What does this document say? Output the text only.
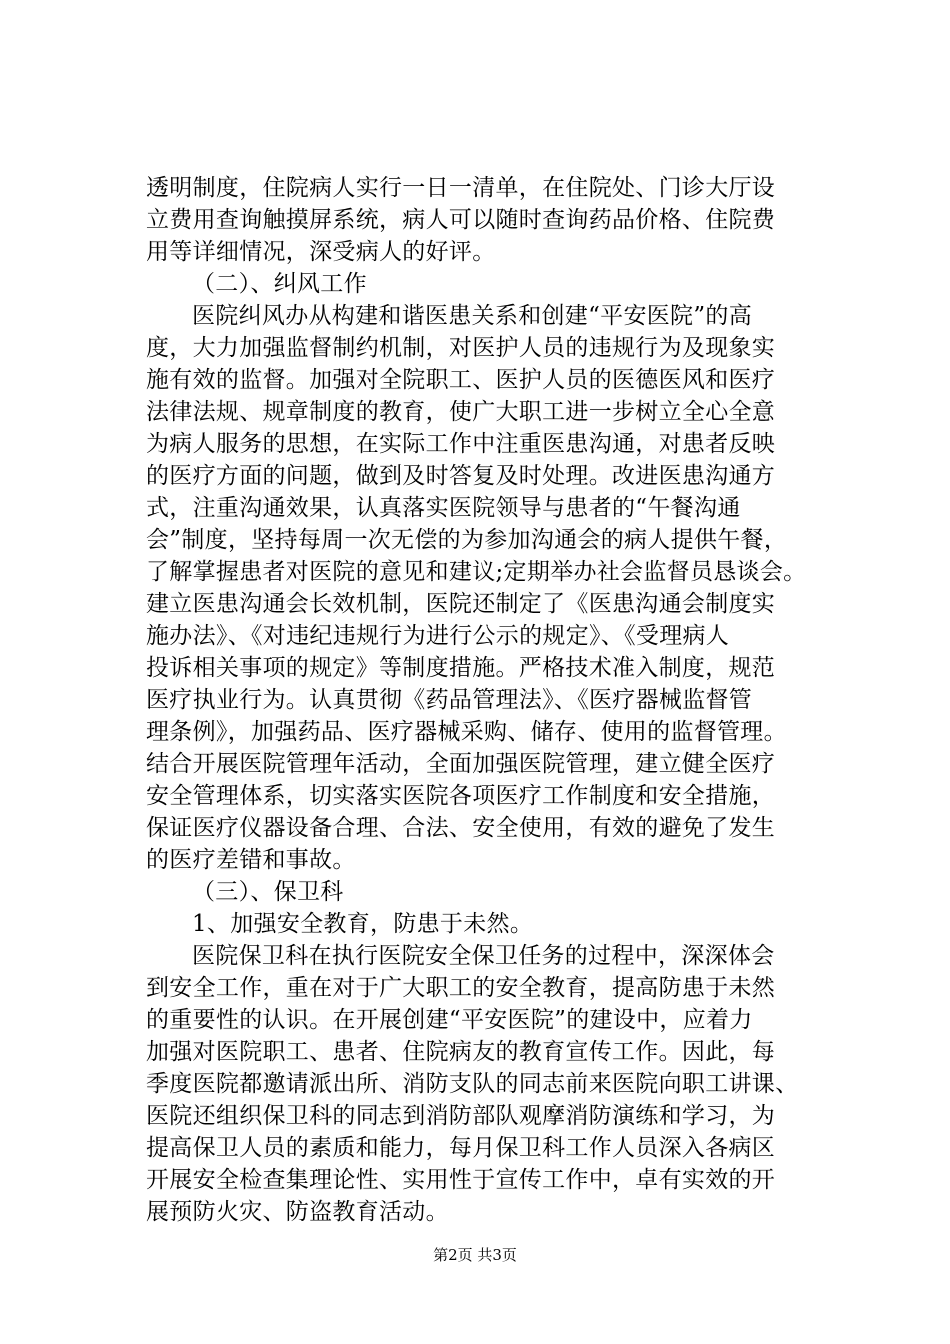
透明制度，住院病人实行一日一清单，在住院处、门诊大厅设
立费用查询触摸屏系统，病人可以随时查询药品价格、住院费
用等详细情况，深受病人的好评。
（二）、纠风工作
医院纠风办从构建和谐医患关系和创建“平安医院”的高
度，大力加强监督制约机制，对医护人员的违规行为及现象实
施有效的监督。加强对全院职工、医护人员的医德医风和医疗
法律法规、规章制度的教育，使广大职工进一步树立全心全意
为病人服务的思想，在实际工作中注重医患沟通，对患者反映
的医疗方面的问题，做到及时答复及时处理。改进医患沟通方
式，注重沟通效果，认真落实医院领导与患者的“午餐沟通
会”制度，坚持每周一次无偿的为参加沟通会的病人提供午餐，
了解掌握患者对医院的意见和建议;定期举办社会监督员恳谈会。
建立医患沟通会长效机制，医院还制定了《医患沟通会制度实
施办法》、《对违纪违规行为进行公示的规定》、《受理病人
投诉相关事项的规定》等制度措施。严格技术准入制度，规范
医疗执业行为。认真贯彻《药品管理法》、《医疗器械监督管
理条例》，加强药品、医疗器械采购、储存、使用的监督管理。
结合开展医院管理年活动，全面加强医院管理，建立健全医疗
安全管理体系，切实落实医院各项医疗工作制度和安全措施，
保证医疗仪器设备合理、合法、安全使用，有效的避免了发生
的医疗差错和事故。
（三）、保卫科
1、加强安全教育，防患于未然。
医院保卫科在执行医院安全保卫任务的过程中，深深体会
到安全工作，重在对于广大职工的安全教育，提高防患于未然
的重要性的认识。在开展创建“平安医院”的建设中，应着力
加强对医院职工、患者、住院病友的教育宣传工作。因此，每
季度医院都邀请派出所、消防支队的同志前来医院向职工讲课、
医院还组织保卫科的同志到消防部队观摩消防演练和学习，为
提高保卫人员的素质和能力，每月保卫科工作人员深入各病区
开展安全检查集理论性、实用性于宣传工作中，卓有实效的开
展预防火灾、防盗教育活动。
第2页 共3页
